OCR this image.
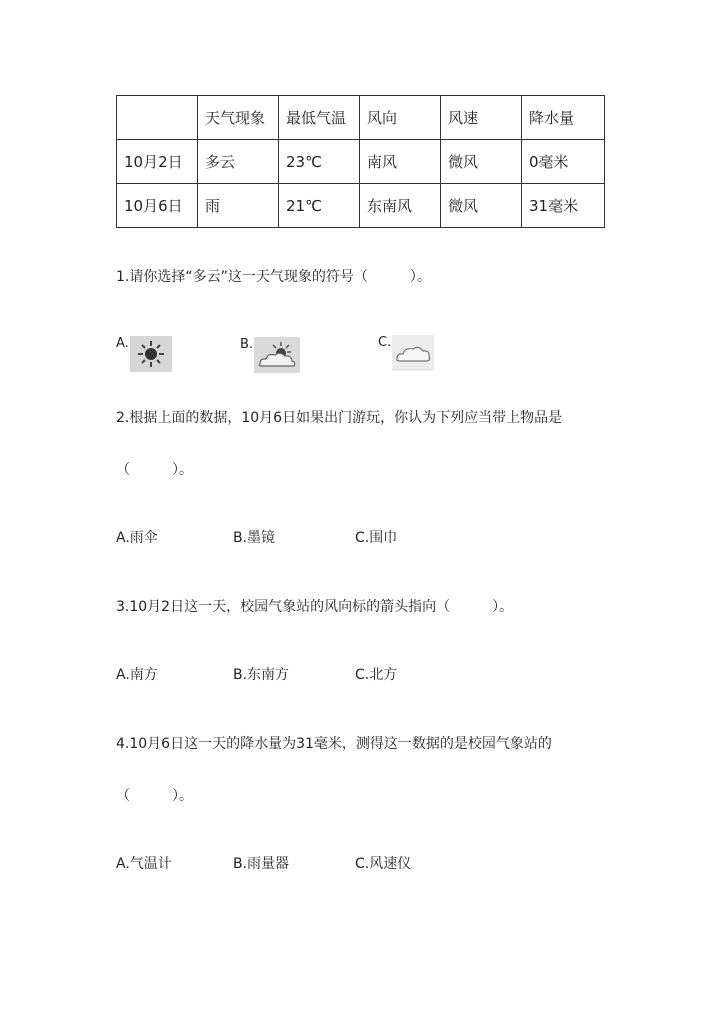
	天气现象	最低气温	风向	风速	降水量
10月2日	多云	23℃	南风	微风	0毫米
10月6日	雨	21℃	东南风	微风	31毫米
1.请你选择“多云”这一天气现象的符号（　　　）。
A.	B.	C.
2.根据上面的数据，10月6日如果出门游玩，你认为下列应当带上物品是
（　　　）。
A.雨伞	B.墨镜	C.围巾
3.10月2日这一天，校园气象站的风向标的箭头指向（　　　）。
A.南方	B.东南方	C.北方
4.10月6日这一天的降水量为31毫米，测得这一数据的是校园气象站的
（　　　）。
A.气温计	B.雨量器	C.风速仪
